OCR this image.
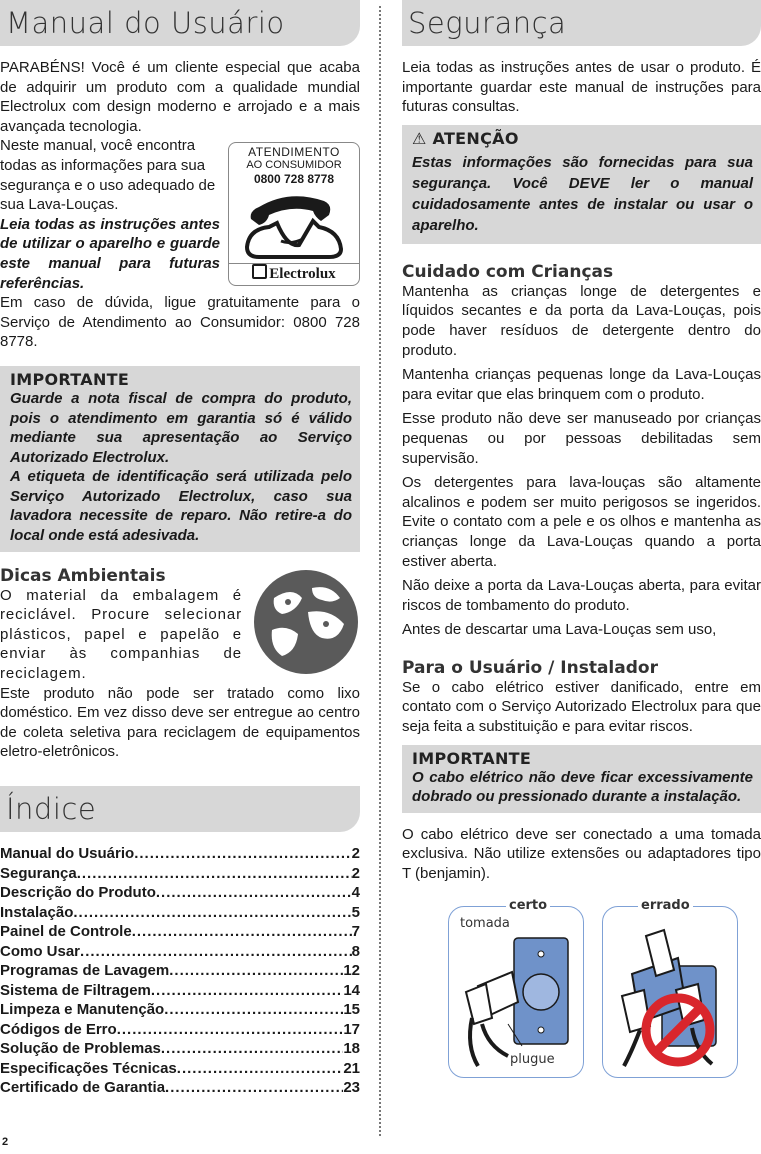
Manual do Usuário

PARABÉNS! Você é um cliente especial que acaba de adquirir um produto com a qualidade mundial Electrolux com design moderno e arrojado e a mais avançada tecnologia.

ATENDIMENTO
AO CONSUMIDOR
0800 728 8778
Electrolux

Neste manual, você encontra todas as informações para sua segurança e o uso adequado de sua Lava-Louças.

Leia todas as instruções antes de utilizar o aparelho e guarde este manual para futuras referências.

Em caso de dúvida, ligue gratuitamente para o Serviço de Atendimento ao Consumidor: 0800 728 8778.

IMPORTANTE

Guarde a nota fiscal de compra do produto, pois o atendimento em garantia só é válido mediante sua apresentação ao Serviço Autorizado Electrolux.

A etiqueta de identificação será utilizada pelo Serviço Autorizado Electrolux, caso sua lavadora necessite de reparo. Não retire-a do local onde está adesivada.

Dicas Ambientais

O material da embalagem é reciclável. Procure selecionar plásticos, papel e papelão e enviar às companhias de reciclagem.

Este produto não pode ser tratado como lixo doméstico. Em vez disso deve ser entregue ao centro de coleta seletiva para reciclagem de equipamentos eletro-eletrônicos.

Índice
Manual do Usuário .....	2
Segurança .....	2
Descrição do Produto .....	4
Instalação .....	5
Painel de Controle .....	7
Como Usar .....	8
Programas de Lavagem .....	12
Sistema de Filtragem .....	14
Limpeza e Manutenção .....	15
Códigos de Erro .....	17
Solução de Problemas .....	18
Especificações Técnicas .....	21
Certificado de Garantia .....	23
Segurança

Leia todas as instruções antes de usar o produto. É importante guardar este manual de instruções para futuras consultas.

⚠ ATENÇÃO

Estas informações são fornecidas para sua segurança. Você DEVE ler o manual cuidadosamente antes de instalar ou usar o aparelho.

Cuidado com Crianças

Mantenha as crianças longe de detergentes e líquidos secantes e da porta da Lava-Louças, pois pode haver resíduos de detergente dentro do produto.

Mantenha crianças pequenas longe da Lava-Louças para evitar que elas brinquem com o produto.

Esse produto não deve ser manuseado por crianças pequenas ou por pessoas debilitadas sem supervisão.

Os detergentes para lava-louças são altamente alcalinos e podem ser muito perigosos se ingeridos. Evite o contato com a pele e os olhos e mantenha as crianças longe da Lava-Louças quando a porta estiver aberta.

Não deixe a porta da Lava-Louças aberta, para evitar riscos de tombamento do produto.

Antes de descartar uma Lava-Louças sem uso,

Para o Usuário / Instalador

Se o cabo elétrico estiver danificado, entre em contato com o Serviço Autorizado Electrolux para que seja feita a substituição e para evitar riscos.

IMPORTANTE

O cabo elétrico não deve ficar excessivamente dobrado ou pressionado durante a instalação.

O cabo elétrico deve ser conectado a uma tomada exclusiva. Não utilize extensões ou adaptadores tipo T (benjamin).

certo
tomada
plugue
errado
2
